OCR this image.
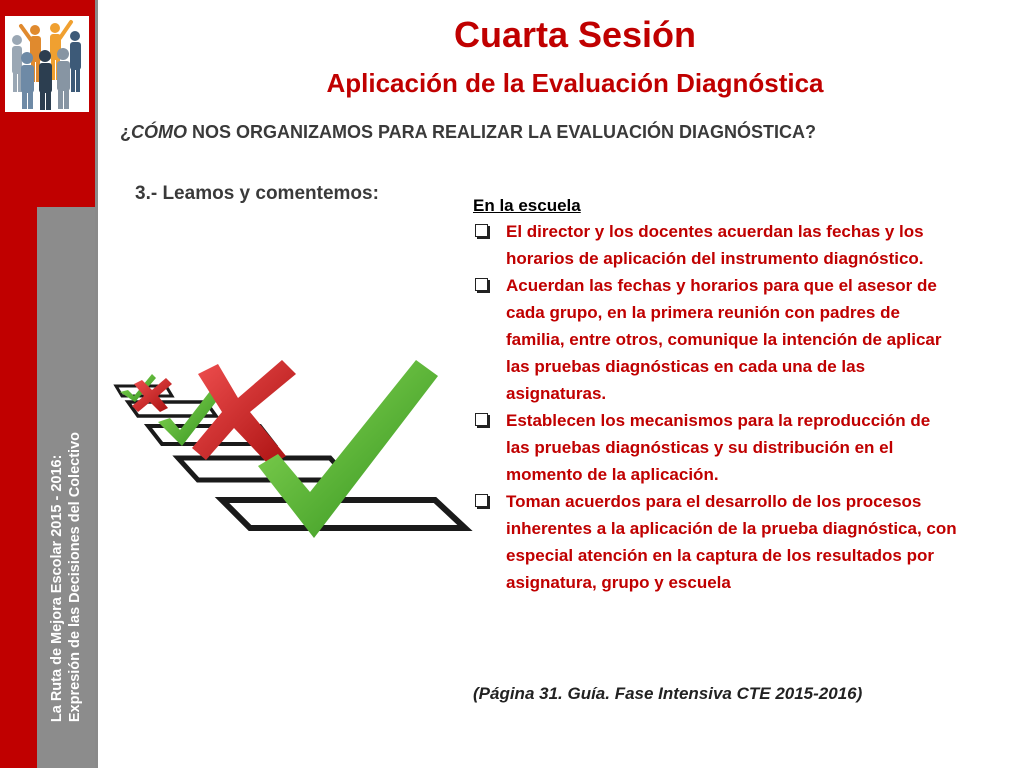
La Ruta de Mejora Escolar 2015 - 2016: Expresión de las Decisiones del Colectivo
Cuarta Sesión
Aplicación de la Evaluación Diagnóstica
¿CÓMO NOS ORGANIZAMOS PARA REALIZAR LA EVALUACIÓN DIAGNÓSTICA?
3.- Leamos y comentemos:
En la escuela
El director y los docentes acuerdan las fechas y los horarios de aplicación del instrumento diagnóstico.
Acuerdan las fechas y horarios para que el asesor de cada grupo, en la primera reunión con padres de familia, entre otros, comunique la intención de aplicar las pruebas diagnósticas en cada una de las asignaturas.
Establecen los mecanismos para la reproducción de las pruebas diagnósticas y su distribución en el momento de la aplicación.
Toman acuerdos para el desarrollo de los procesos inherentes a la aplicación de la prueba diagnóstica, con especial atención en la captura de los resultados por asignatura, grupo y escuela
(Página 31. Guía. Fase Intensiva CTE 2015-2016)
